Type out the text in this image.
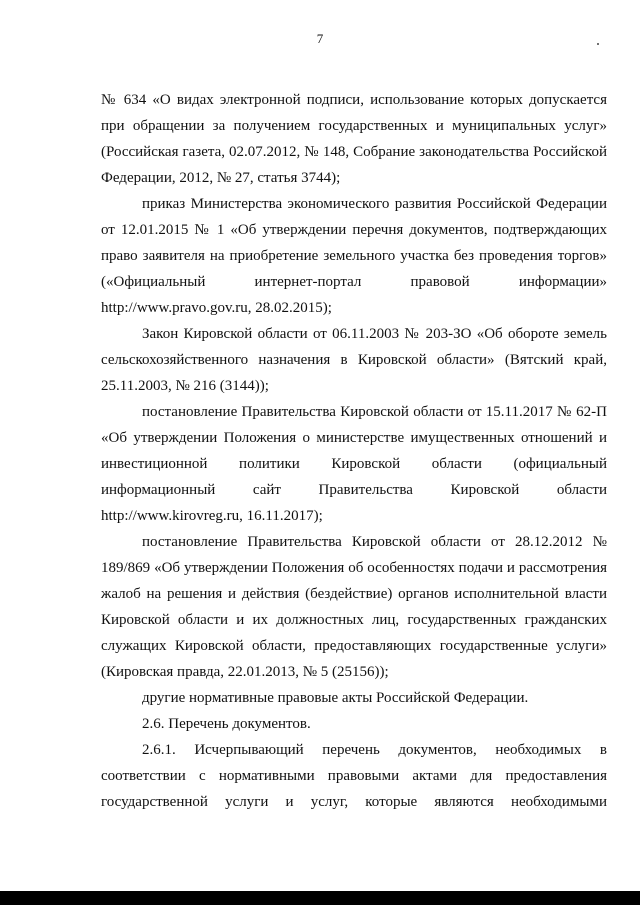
7

№ 634 «О видах электронной подписи, использование которых допускается при обращении за получением государственных и муниципальных услуг» (Российская газета, 02.07.2012, № 148, Собрание законодательства Российской Федерации, 2012, № 27, статья 3744);

приказ Министерства экономического развития Российской Федерации от 12.01.2015 № 1 «Об утверждении перечня документов, подтверждающих право заявителя на приобретение земельного участка без проведения торгов» («Официальный интернет-портал правовой информации» http://www.pravo.gov.ru, 28.02.2015);

Закон Кировской области от 06.11.2003 № 203-ЗО «Об обороте земель сельскохозяйственного назначения в Кировской области» (Вятский край, 25.11.2003, № 216 (3144));

постановление Правительства Кировской области от 15.11.2017 № 62-П «Об утверждении Положения о министерстве имущественных отношений и инвестиционной политики Кировской области (официальный информационный сайт Правительства Кировской области http://www.kirovreg.ru, 16.11.2017);

постановление Правительства Кировской области от 28.12.2012 № 189/869 «Об утверждении Положения об особенностях подачи и рассмотрения жалоб на решения и действия (бездействие) органов исполнительной власти Кировской области и их должностных лиц, государственных гражданских служащих Кировской области, предоставляющих государственные услуги» (Кировская правда, 22.01.2013, № 5 (25156));

другие нормативные правовые акты Российской Федерации.

2.6. Перечень документов.

2.6.1. Исчерпывающий перечень документов, необходимых в соответствии с нормативными правовыми актами для предоставления государственной услуги и услуг, которые являются необходимыми
